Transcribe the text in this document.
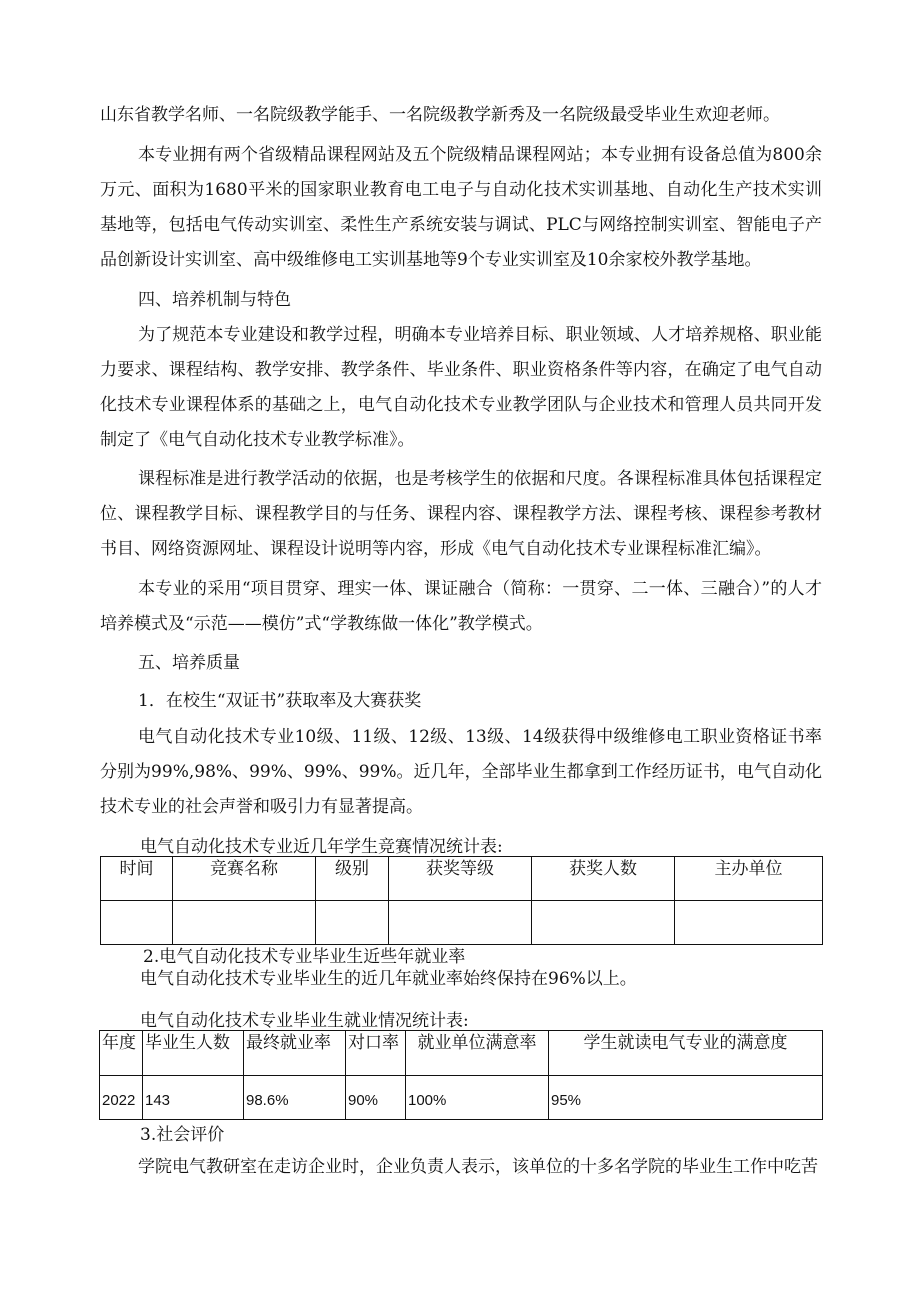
山东省教学名师、一名院级教学能手、一名院级教学新秀及一名院级最受毕业生欢迎老师。

本专业拥有两个省级精品课程网站及五个院级精品课程网站；本专业拥有设备总值为800余万元、面积为1680平米的国家职业教育电工电子与自动化技术实训基地、自动化生产技术实训基地等，包括电气传动实训室、柔性生产系统安装与调试、PLC与网络控制实训室、智能电子产品创新设计实训室、高中级维修电工实训基地等9个专业实训室及10余家校外教学基地。

四、培养机制与特色

为了规范本专业建设和教学过程，明确本专业培养目标、职业领域、人才培养规格、职业能力要求、课程结构、教学安排、教学条件、毕业条件、职业资格条件等内容，在确定了电气自动化技术专业课程体系的基础之上，电气自动化技术专业教学团队与企业技术和管理人员共同开发制定了《电气自动化技术专业教学标准》。

课程标准是进行教学活动的依据，也是考核学生的依据和尺度。各课程标准具体包括课程定位、课程教学目标、课程教学目的与任务、课程内容、课程教学方法、课程考核、课程参考教材书目、网络资源网址、课程设计说明等内容，形成《电气自动化技术专业课程标准汇编》。

本专业的采用“项目贯穿、理实一体、课证融合（简称：一贯穿、二一体、三融合）”的人才培养模式及“示范——模仿”式“学教练做一体化”教学模式。

五、培养质量

1．在校生“双证书”获取率及大赛获奖

电气自动化技术专业10级、11级、12级、13级、14级获得中级维修电工职业资格证书率分别为99%,98%、99%、99%、99%。近几年，全部毕业生都拿到工作经历证书，电气自动化技术专业的社会声誉和吸引力有显著提高。

电气自动化技术专业近几年学生竞赛情况统计表:

时间	竞赛名称	级别	获奖等级	获奖人数	主办单位

2.电气自动化技术专业毕业生近些年就业率

电气自动化技术专业毕业生的近几年就业率始终保持在96%以上。

电气自动化技术专业毕业生就业情况统计表:

年度	毕业生人数	最终就业率	对口率	就业单位满意率	学生就读电气专业的满意度
2022	143	98.6%	90%	100%	95%

3.社会评价

学院电气教研室在走访企业时，企业负责人表示，该单位的十多名学院的毕业生工作中吃苦
